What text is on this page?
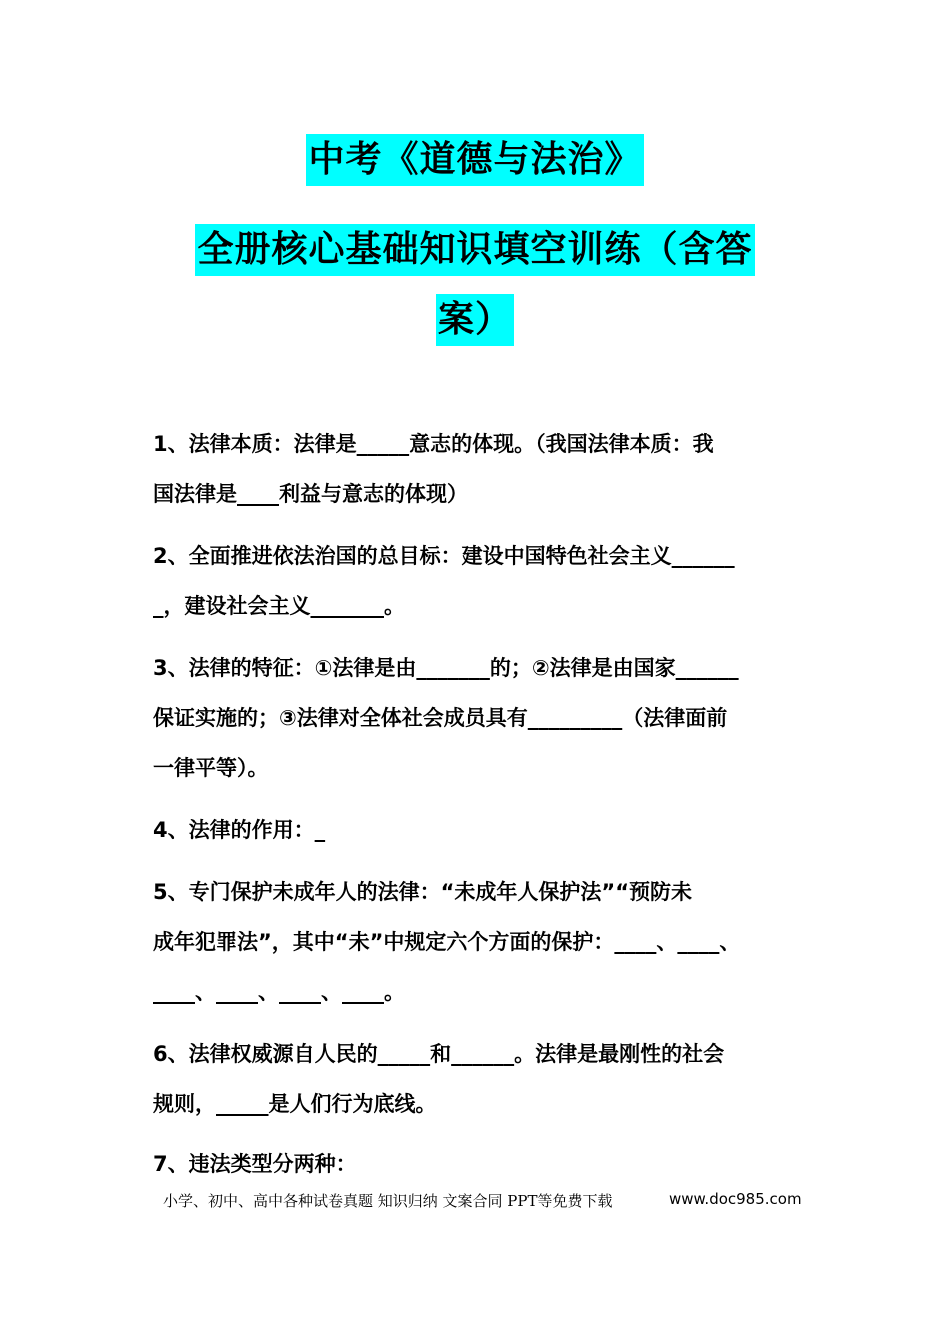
中考《道德与法治》
全册核心基础知识填空训练（含答
案）
1、法律本质：法律是_____意志的体现。（我国法律本质：我
国法律是____利益与意志的体现）
2、全面推进依法治国的总目标：建设中国特色社会主义______
_，建设社会主义_______。
3、法律的特征：①法律是由_______的；②法律是由国家______
保证实施的；③法律对全体社会成员具有_________（法律面前
一律平等）。
4、法律的作用：_
5、专门保护未成年人的法律：“未成年人保护法”“预防未
成年犯罪法”，其中“未”中规定六个方面的保护：____、____、
____、____、____、____。
6、法律权威源自人民的_____和______。法律是最刚性的社会
规则，_____是人们行为底线。
7、违法类型分两种：
小学、初中、高中各种试卷真题 知识归纳 文案合同 PPT等免费下载	www.doc985.com
